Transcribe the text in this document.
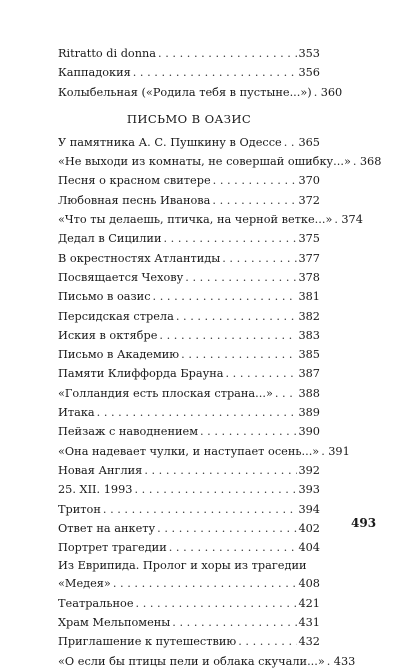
Ritratto di donna . . .	353
Каппадокия . . .	356
Колыбельная («Родила тебя в пустыне...») . . . 360
ПИСЬМО В ОАЗИС
У памятника А. С. Пушкину в Одессе . . . 365
«Не выходи из комнаты, не совершай ошибку...» . . . 368
Песня о красном свитере . . .	370
Любовная песнь Иванова . . .	372
«Что ты делаешь, птичка, на черной ветке...» . . . 374
Дедал в Сицилии . . .	375
В окрестностях Атлантиды . . .	377
Посвящается Чехову . . .	378
Письмо в оазис . . .	381
Персидская стрела . . .	382
Иския в октябре . . .	383
Письмо в Академию . . .	385
Памяти Клиффорда Брауна . . .	387
«Голландия есть плоская страна...» . . . 388
Итака . . .	389
Пейзаж с наводнением . . .	390
«Она надевает чулки, и наступает осень...» . . . 391
Новая Англия . . .	392
25. XII. 1993 . . .	393
Тритон . . .	394
Ответ на анкету . . .	402
Портрет трагедии . . .	404
Из Еврипида. Пролог и хоры из трагедии
«Медея» . . .	408
Театральное . . .	421
Храм Мельпомены . . .	431
Приглашение к путешествию . . .	432
«О если бы птицы пели и облака скучали...» . . . 433
493
